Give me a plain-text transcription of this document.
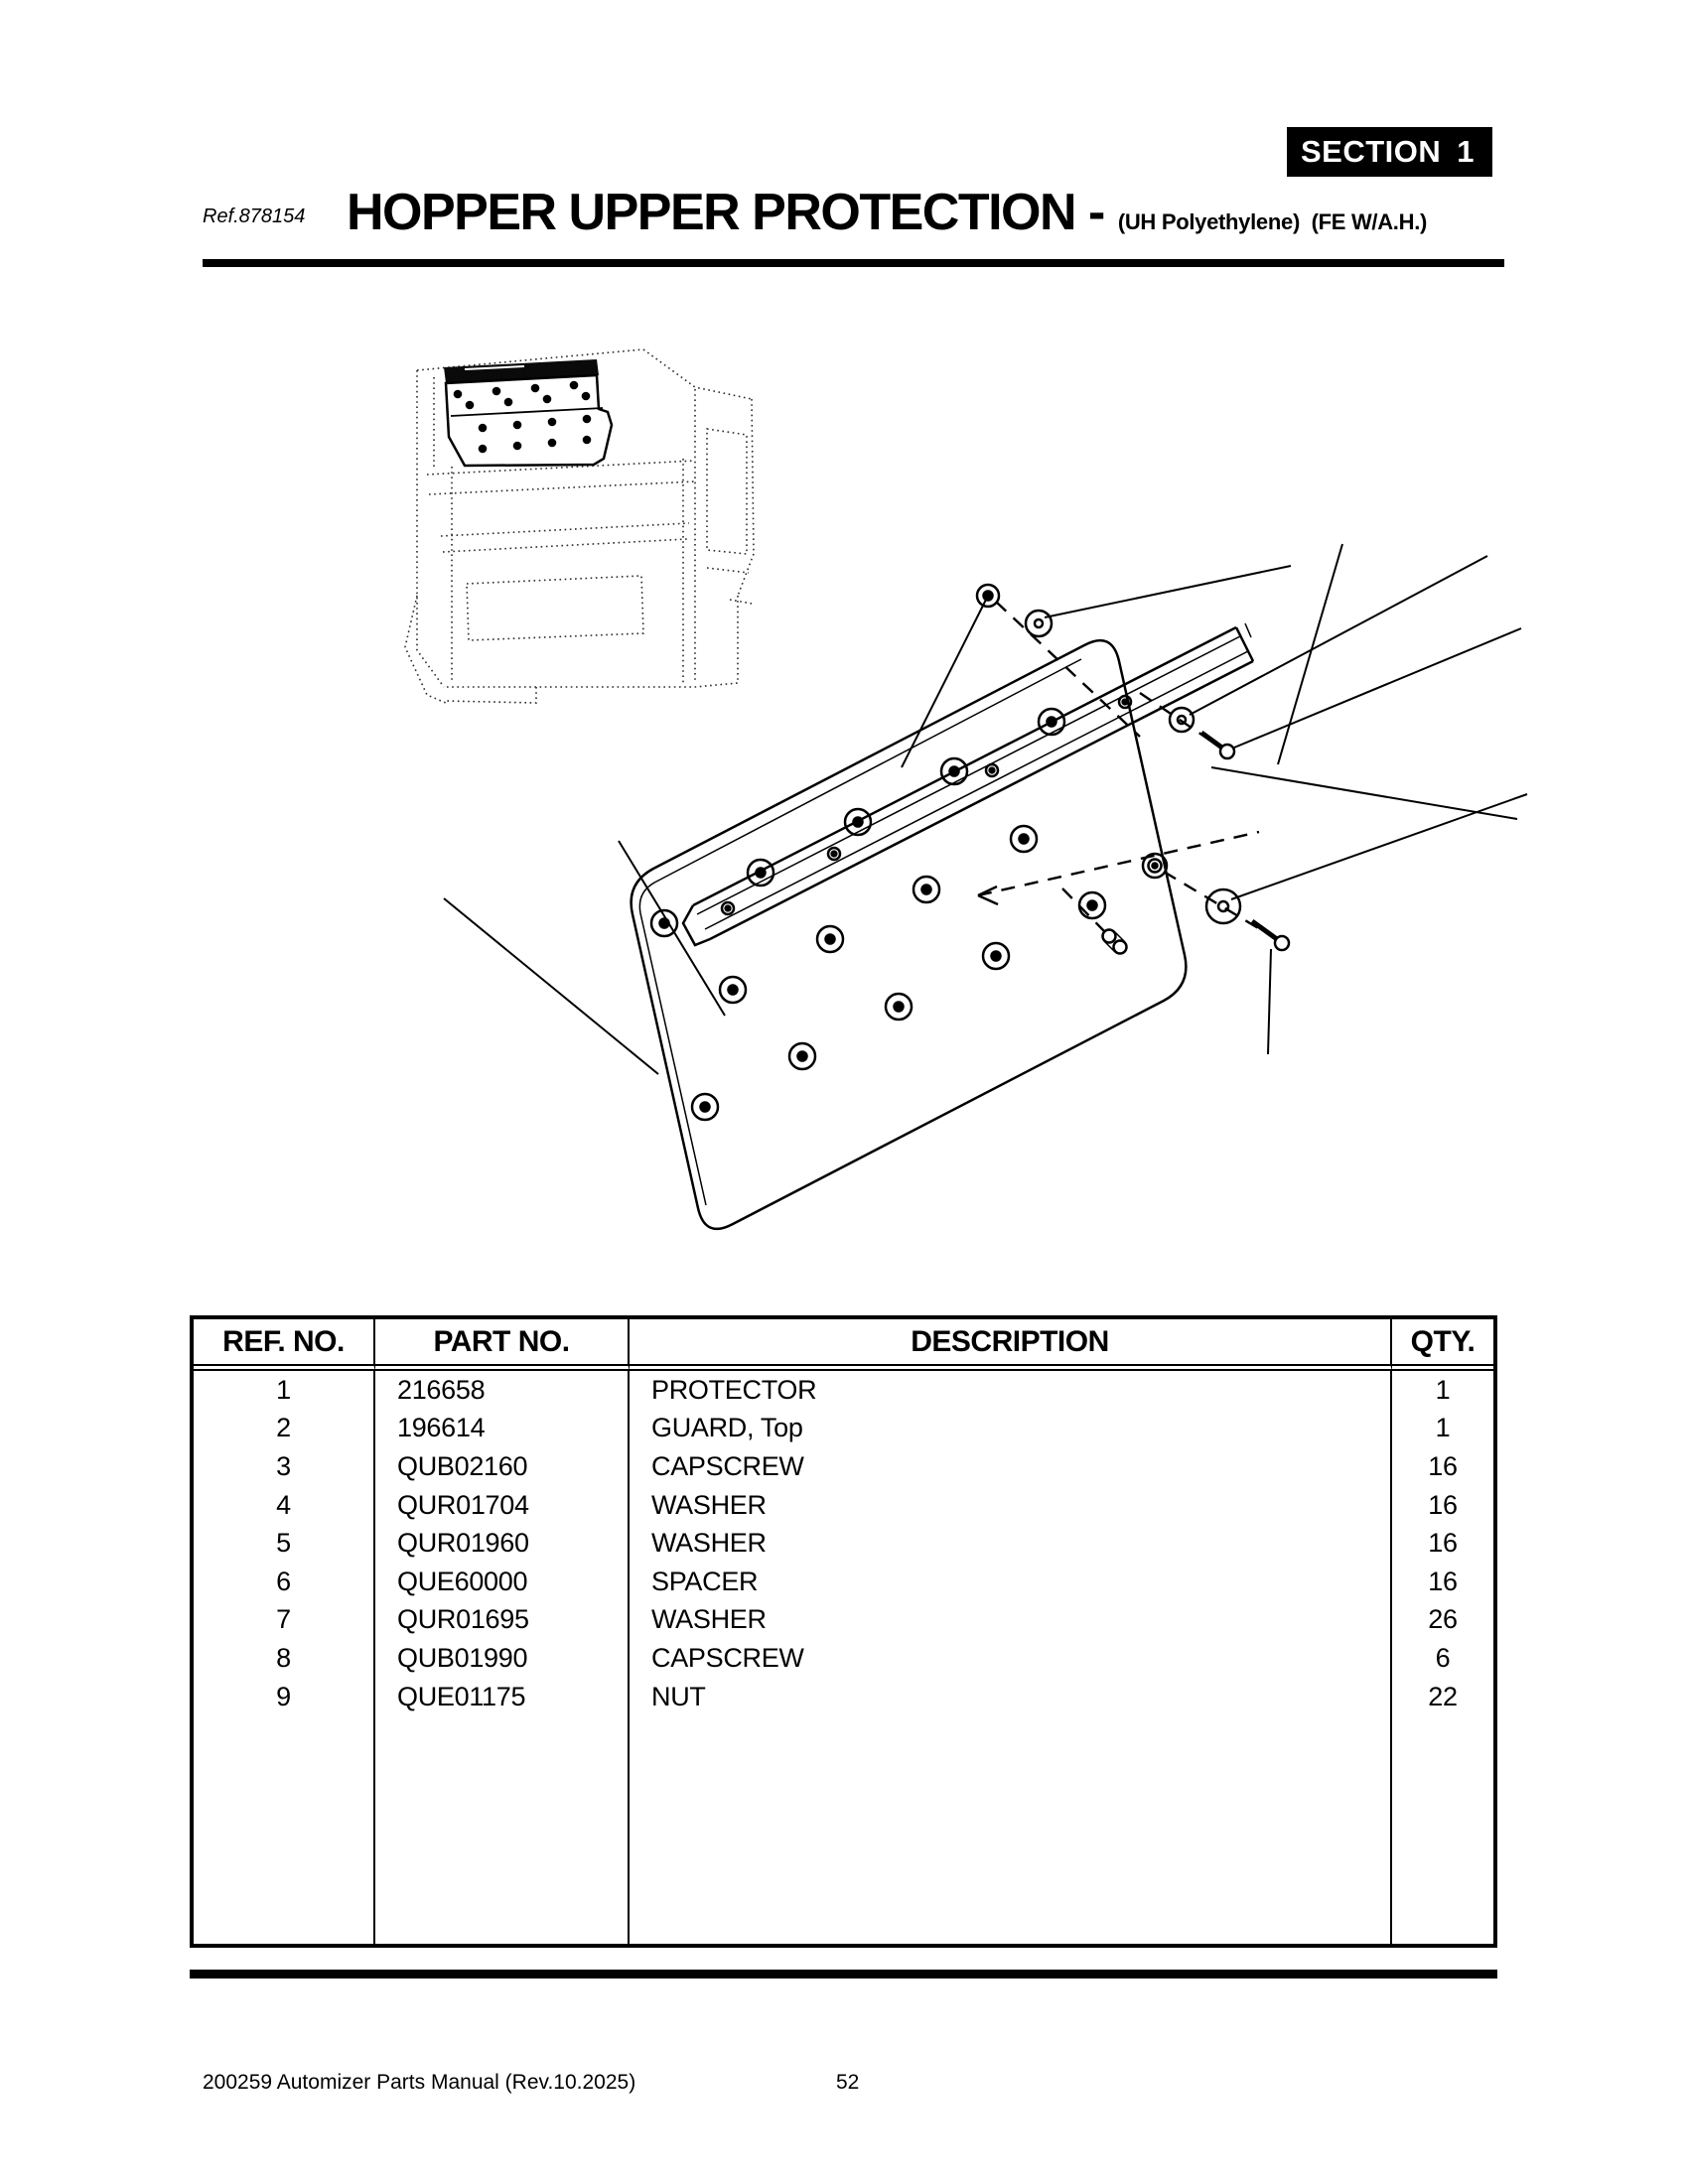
SECTION 1
Ref.878154 HOPPER UPPER PROTECTION - (UH Polyethylene)  (FE W/A.H.)
REF. NO.	PART NO.	DESCRIPTION	QTY.
1	216658	PROTECTOR	1
2	196614	GUARD, Top	1
3	QUB02160	CAPSCREW	16
4	QUR01704	WASHER	16
5	QUR01960	WASHER	16
6	QUE60000	SPACER	16
7	QUR01695	WASHER	26
8	QUB01990	CAPSCREW	6
9	QUE01175	NUT	22
200259 Automizer Parts Manual (Rev.10.2025)	52
